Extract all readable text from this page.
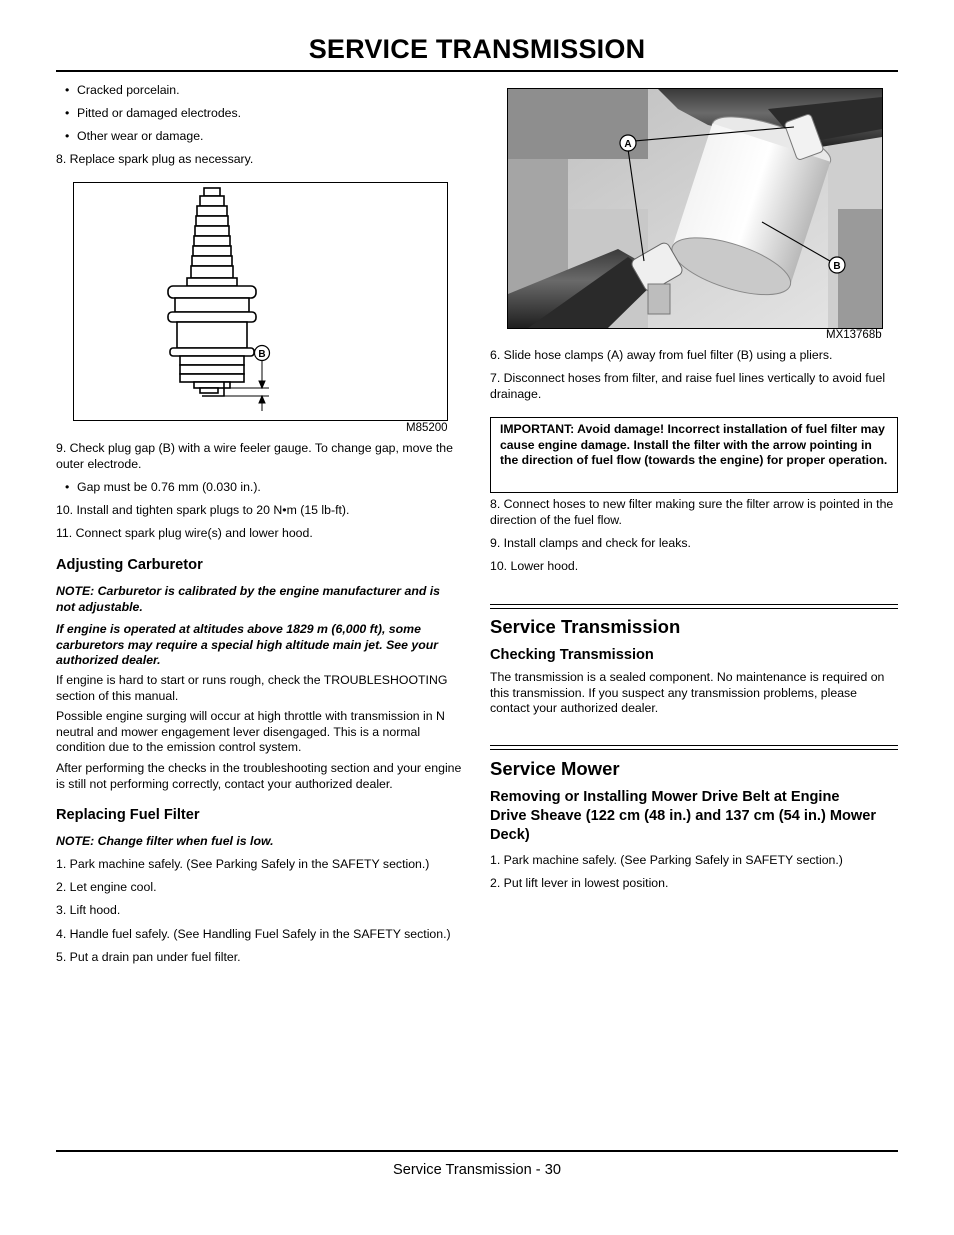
SERVICE TRANSMISSION
• Cracked porcelain.
• Pitted or damaged electrodes.
• Other wear or damage.
8. Replace spark plug as necessary.
B
M85200
9. Check plug gap (B) with a wire feeler gauge. To change gap, move the outer electrode.
• Gap must be 0.76 mm (0.030 in.).
10. Install and tighten spark plugs to 20 N•m (15 lb-ft).
11. Connect spark plug wire(s) and lower hood.
Adjusting Carburetor
NOTE: Carburetor is calibrated by the engine manufacturer and is not adjustable.
If engine is operated at altitudes above 1829 m (6,000 ft), some carburetors may require a special high altitude main jet. See your authorized dealer.
If engine is hard to start or runs rough, check the TROUBLESHOOTING section of this manual.
Possible engine surging will occur at high throttle with transmission in N neutral and mower engagement lever disengaged. This is a normal condition due to the emission control system.
After performing the checks in the troubleshooting section and your engine is still not performing correctly, contact your authorized dealer.
Replacing Fuel Filter
NOTE: Change filter when fuel is low.
1. Park machine safely. (See Parking Safely in the SAFETY section.)
2. Let engine cool.
3. Lift hood.
4. Handle fuel safely. (See Handling Fuel Safely in the SAFETY section.)
5. Put a drain pan under fuel filter.
A
B
MX13768b
6. Slide hose clamps (A) away from fuel filter (B) using a pliers.
7. Disconnect hoses from filter, and raise fuel lines vertically to avoid fuel drainage.
IMPORTANT: Avoid damage! Incorrect installation of fuel filter may cause engine damage. Install the filter with the arrow pointing in the direction of fuel flow (towards the engine) for proper operation.
8. Connect hoses to new filter making sure the filter arrow is pointed in the direction of the fuel flow.
9. Install clamps and check for leaks.
10. Lower hood.
Service Transmission
Checking Transmission
The transmission is a sealed component. No maintenance is required on this transmission. If you suspect any transmission problems, please contact your authorized dealer.
Service Mower
Removing or Installing Mower Drive Belt at Engine Drive Sheave (122 cm (48 in.) and 137 cm (54 in.) Mower Deck)
1. Park machine safely. (See Parking Safely in SAFETY section.)
2. Put lift lever in lowest position.
Service Transmission - 30
